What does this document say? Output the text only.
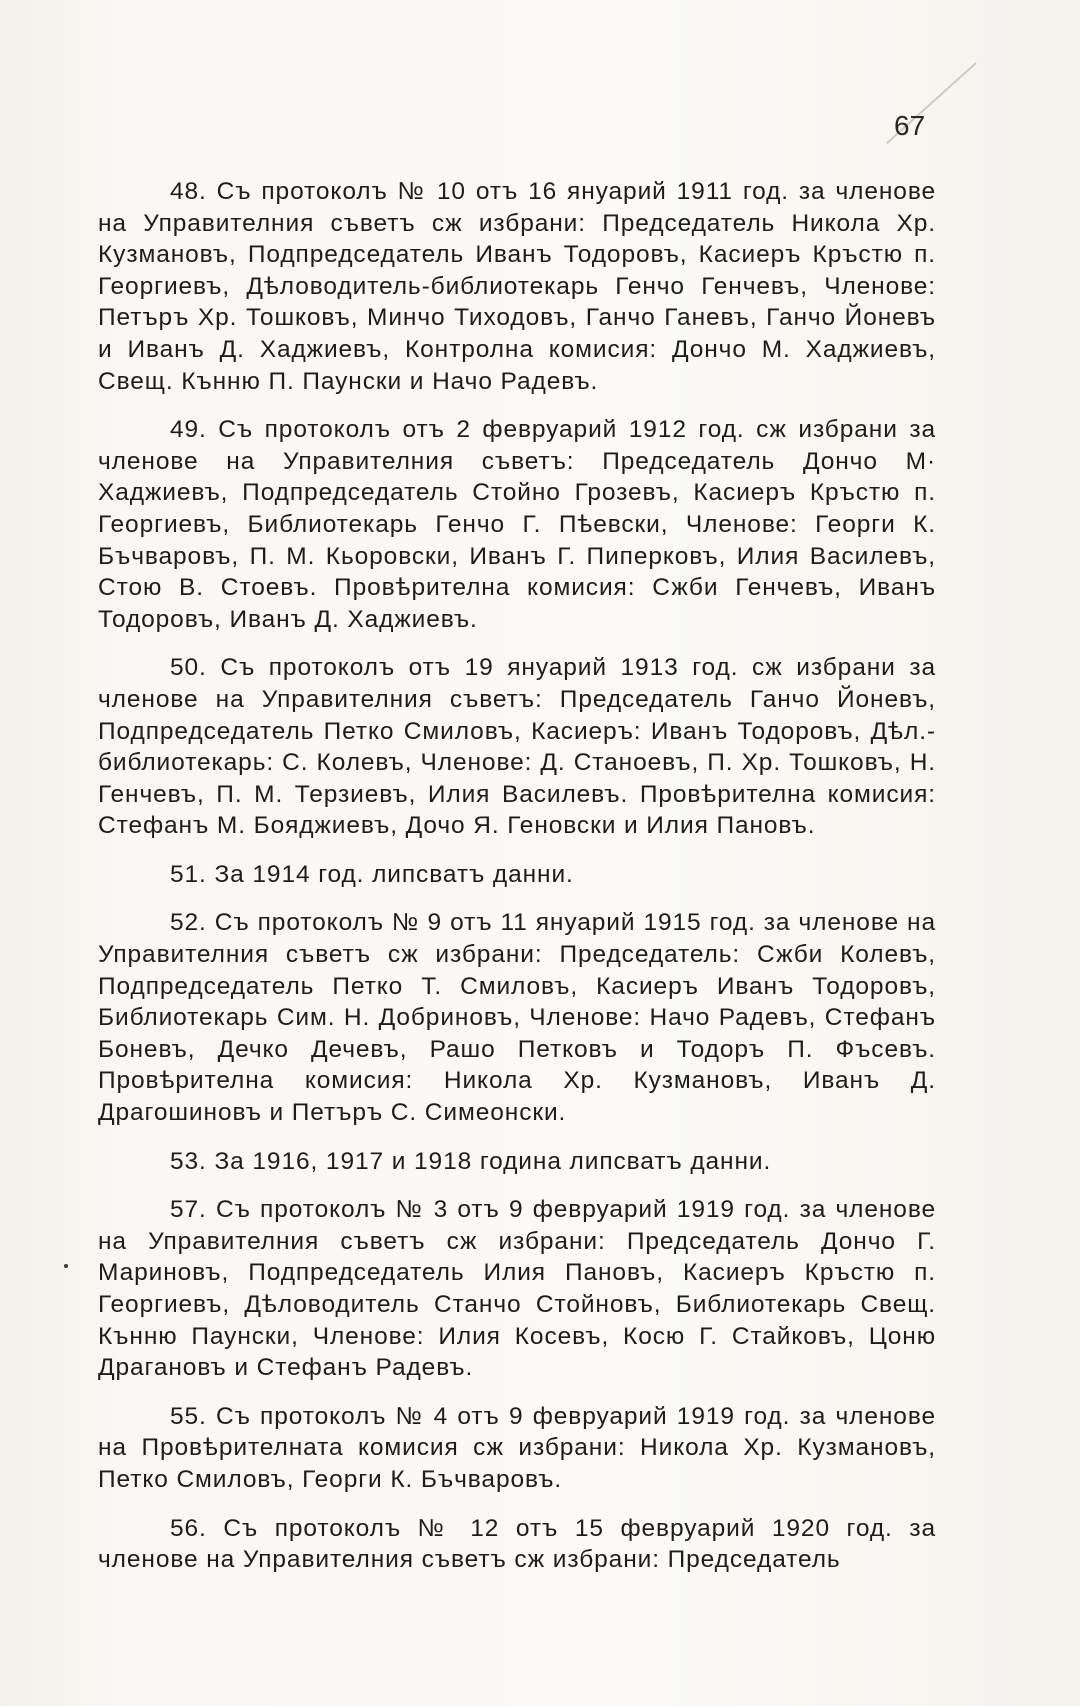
67

48. Съ протоколъ № 10 отъ 16 януарий 1911 год. за членове на Управителния съветъ сж избрани: Председатель Никола Хр. Кузмановъ, Подпредседатель Иванъ Тодоровъ, Касиеръ Кръстю п. Георгиевъ, Дѣловодитель-библиотекарь Генчо Генчевъ, Членове: Петъръ Хр. Тошковъ, Минчо Тиходовъ, Ганчо Ганевъ, Ганчо Йоневъ и Иванъ Д. Хаджиевъ, Контролна комисия: Дончо М. Хаджиевъ, Свещ. Кънню П. Паунски и Начо Радевъ.

49. Съ протоколъ отъ 2 февруарий 1912 год. сж избрани за членове на Управителния съветъ: Председатель Дончо М· Хаджиевъ, Подпредседатель Стойно Грозевъ, Касиеръ Кръстю п. Георгиевъ, Библиотекарь Генчо Г. Пѣевски, Членове: Георги К. Бъчваровъ, П. М. Кьоровски, Иванъ Г. Пиперковъ, Илия Василевъ, Стою В. Стоевъ. Провѣрителна комисия: Сжби Генчевъ, Иванъ Тодоровъ, Иванъ Д. Хаджиевъ.

50. Съ протоколъ отъ 19 януарий 1913 год. сж избрани за членове на Управителния съветъ: Председатель Ганчо Йоневъ, Подпредседатель Петко Смиловъ, Касиеръ: Иванъ Тодоровъ, Дѣл.-библиотекарь: С. Колевъ, Членове: Д. Станоевъ, П. Хр. Тошковъ, Н. Генчевъ, П. М. Терзиевъ, Илия Василевъ. Провѣрителна комисия: Стефанъ М. Бояджиевъ, Дочо Я. Геновски и Илия Пановъ.

51. За 1914 год. липсватъ данни.

52. Съ протоколъ № 9 отъ 11 януарий 1915 год. за членове на Управителния съветъ сж избрани: Председатель: Сжби Колевъ, Подпредседатель Петко Т. Смиловъ, Касиеръ Иванъ Тодоровъ, Библиотекарь Сим. Н. Добриновъ, Членове: Начо Радевъ, Стефанъ Боневъ, Дечко Дечевъ, Рашо Петковъ и Тодоръ П. Фъсевъ. Провѣрителна комисия: Никола Хр. Кузмановъ, Иванъ Д. Драгошиновъ и Петъръ С. Симеонски.

53. За 1916, 1917 и 1918 година липсватъ данни.

57. Съ протоколъ № 3 отъ 9 февруарий 1919 год. за членове на Управителния съветъ сж избрани: Председатель Дончо Г. Мариновъ, Подпредседатель Илия Пановъ, Касиеръ Кръстю п. Георгиевъ, Дѣловодитель Станчо Стойновъ, Библиотекарь Свещ. Кънню Паунски, Членове: Илия Косевъ, Косю Г. Стайковъ, Цоню Драгановъ и Стефанъ Радевъ.

55. Съ протоколъ № 4 отъ 9 февруарий 1919 год. за членове на Провѣрителната комисия сж избрани: Никола Хр. Кузмановъ, Петко Смиловъ, Георги К. Бъчваровъ.

56. Съ протоколъ № 12 отъ 15 февруарий 1920 год. за членове на Управителния съветъ сж избрани: Председатель
